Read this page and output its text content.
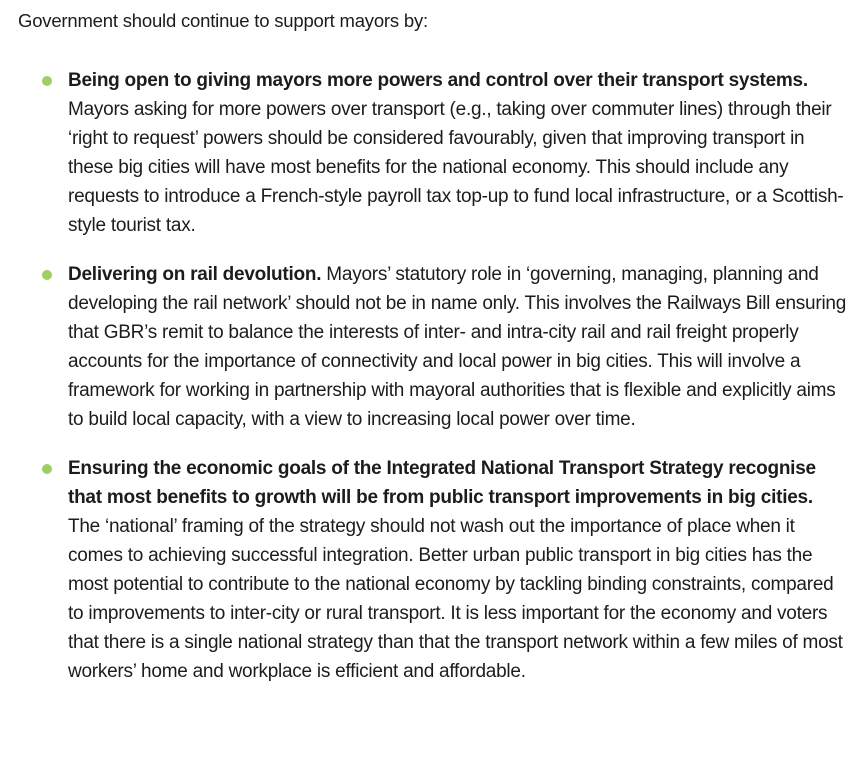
Government should continue to support mayors by:

Being open to giving mayors more powers and control over their transport systems. Mayors asking for more powers over transport (e.g., taking over commuter lines) through their ‘right to request’ powers should be considered favourably, given that improving transport in these big cities will have most benefits for the national economy. This should include any requests to introduce a French-style payroll tax top-up to fund local infrastructure, or a Scottish-style tourist tax.

Delivering on rail devolution. Mayors’ statutory role in ‘governing, managing, planning and developing the rail network’ should not be in name only. This involves the Railways Bill ensuring that GBR’s remit to balance the interests of inter- and intra-city rail and rail freight properly accounts for the importance of connectivity and local power in big cities. This will involve a framework for working in partnership with mayoral authorities that is flexible and explicitly aims to build local capacity, with a view to increasing local power over time.

Ensuring the economic goals of the Integrated National Transport Strategy recognise that most benefits to growth will be from public transport improvements in big cities. The ‘national’ framing of the strategy should not wash out the importance of place when it comes to achieving successful integration. Better urban public transport in big cities has the most potential to contribute to the national economy by tackling binding constraints, compared to improvements to inter-city or rural transport. It is less important for the economy and voters that there is a single national strategy than that the transport network within a few miles of most workers’ home and workplace is efficient and affordable.
